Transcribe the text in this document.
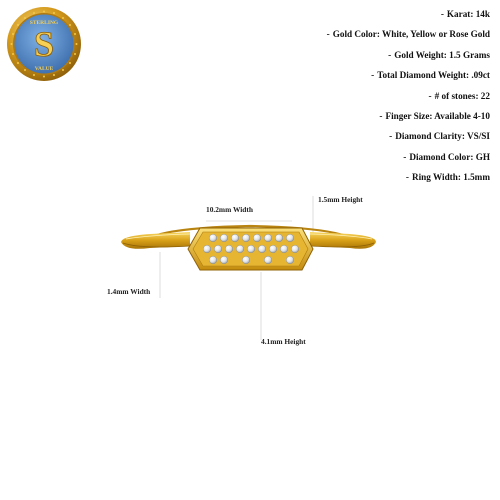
S
STERLING
VALUE
- Karat: 14k
- Gold Color: White, Yellow or Rose Gold
- Gold Weight: 1.5 Grams
- Total Diamond Weight: .09ct
- # of stones: 22
- Finger Size: Available 4-10
- Diamond Clarity: VS/SI
- Diamond Color: GH
- Ring Width: 1.5mm
10.2mm Width
1.5mm Height
1.4mm Width
4.1mm Height
